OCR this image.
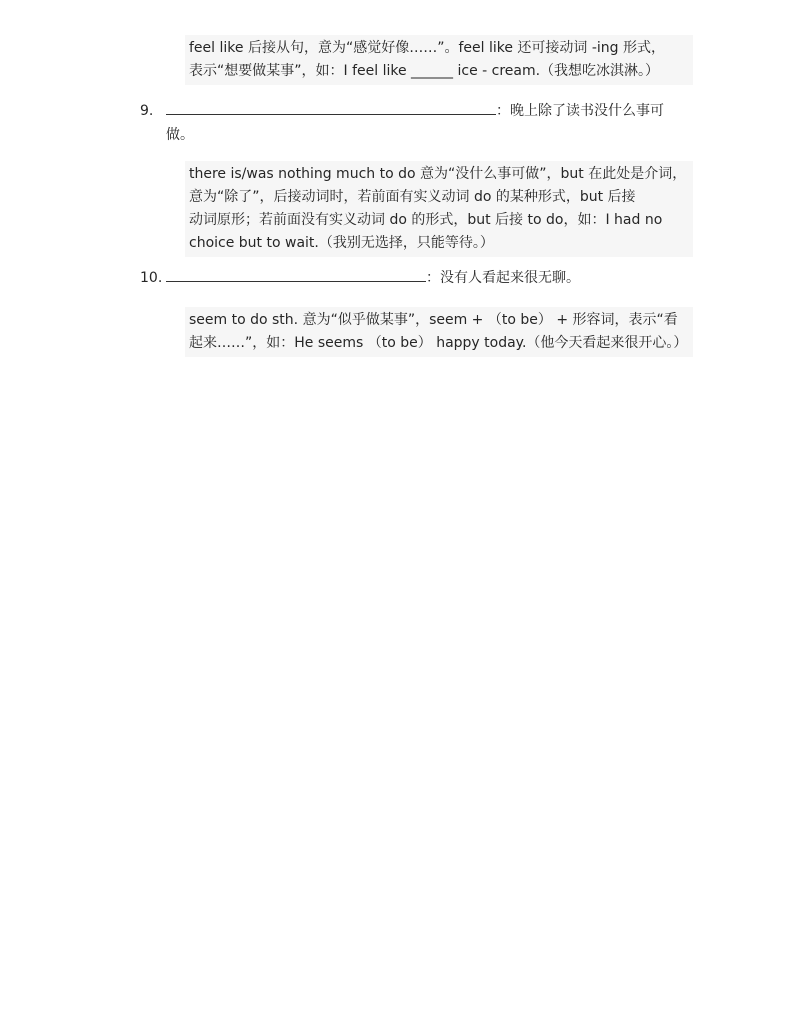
feel like 后接从句，意为“感觉好像……”。feel like 还可接动词 -ing 形式，
表示“想要做某事”，如：I feel like ______ ice - cream.（我想吃冰淇淋。）
9.	：晚上除了读书没什么事可
做。
there is/was nothing much to do 意为“没什么事可做”，but 在此处是介词，
意为“除了”，后接动词时，若前面有实义动词 do 的某种形式，but 后接
动词原形；若前面没有实义动词 do 的形式，but 后接 to do，如：I had no
choice but to wait.（我别无选择，只能等待。）
10.	：没有人看起来很无聊。
seem to do sth. 意为“似乎做某事”，seem + （to be） + 形容词，表示“看
起来……”，如：He seems （to be） happy today.（他今天看起来很开心。）
